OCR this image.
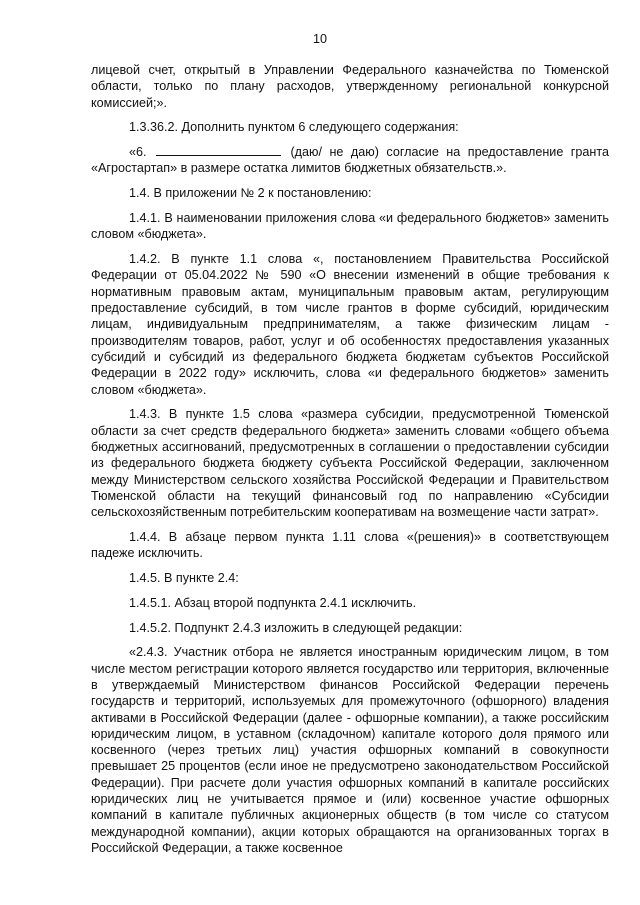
10

лицевой счет, открытый в Управлении Федерального казначейства по Тюменской области, только по плану расходов, утвержденному региональной конкурсной комиссией;».

1.3.36.2. Дополнить пунктом 6 следующего содержания:

«6.	(даю/ не даю) согласие на предоставление гранта «Агростартап» в размере остатка лимитов бюджетных обязательств.».

1.4. В приложении № 2 к постановлению:

1.4.1. В наименовании приложения слова «и федерального бюджетов» заменить словом «бюджета».

1.4.2. В пункте 1.1 слова «, постановлением Правительства Российской Федерации от 05.04.2022 № 590 «О внесении изменений в общие требования к нормативным правовым актам, муниципальным правовым актам, регулирующим предоставление субсидий, в том числе грантов в форме субсидий, юридическим лицам, индивидуальным предпринимателям, а также физическим лицам - производителям товаров, работ, услуг и об особенностях предоставления указанных субсидий и субсидий из федерального бюджета бюджетам субъектов Российской Федерации в 2022 году» исключить, слова «и федерального бюджетов» заменить словом «бюджета».

1.4.3. В пункте 1.5 слова «размера субсидии, предусмотренной Тюменской области за счет средств федерального бюджета» заменить словами «общего объема бюджетных ассигнований, предусмотренных в соглашении о предоставлении субсидии из федерального бюджета бюджету субъекта Российской Федерации, заключенном между Министерством сельского хозяйства Российской Федерации и Правительством Тюменской области на текущий финансовый год по направлению «Субсидии сельскохозяйственным потребительским кооперативам на возмещение части затрат».

1.4.4. В абзаце первом пункта 1.11 слова «(решения)» в соответствующем падеже исключить.

1.4.5. В пункте 2.4:

1.4.5.1. Абзац второй подпункта 2.4.1 исключить.

1.4.5.2. Подпункт 2.4.3 изложить в следующей редакции:

«2.4.3. Участник отбора не является иностранным юридическим лицом, в том числе местом регистрации которого является государство или территория, включенные в утверждаемый Министерством финансов Российской Федерации перечень государств и территорий, используемых для промежуточного (офшорного) владения активами в Российской Федерации (далее - офшорные компании), а также российским юридическим лицом, в уставном (складочном) капитале которого доля прямого или косвенного (через третьих лиц) участия офшорных компаний в совокупности превышает 25 процентов (если иное не предусмотрено законодательством Российской Федерации). При расчете доли участия офшорных компаний в капитале российских юридических лиц не учитывается прямое и (или) косвенное участие офшорных компаний в капитале публичных акционерных обществ (в том числе со статусом международной компании), акции которых обращаются на организованных торгах в Российской Федерации, а также косвенное
